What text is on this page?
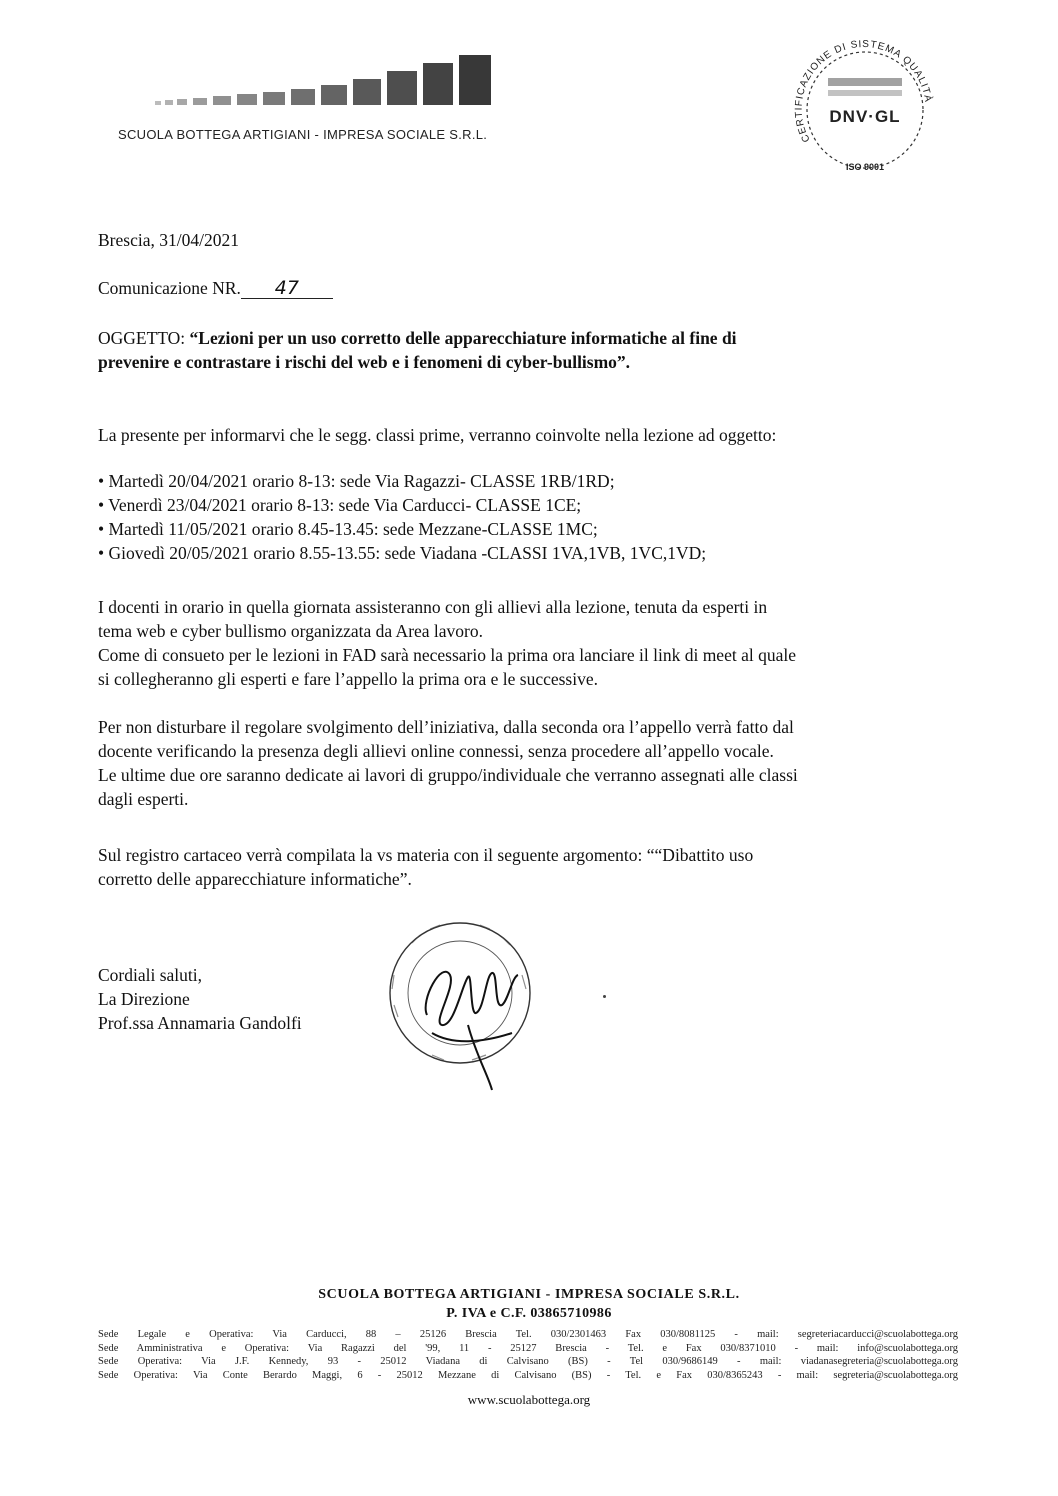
SCUOLA BOTTEGA ARTIGIANI - IMPRESA SOCIALE S.R.L.	CERTIFICAZIONE DI SISTEMA QUALITÀ
DNV·GL
ISO 9001

Brescia, 31/04/2021

Comunicazione NR. 47

OGGETTO: “Lezioni per un uso corretto delle apparecchiature informatiche al fine di
prevenire e contrastare i rischi del web e i fenomeni di cyber-bullismo”.

La presente per informarvi che le segg. classi prime, verranno coinvolte nella lezione ad oggetto:

• Martedì 20/04/2021 orario 8-13: sede Via Ragazzi- CLASSE 1RB/1RD;
• Venerdì 23/04/2021 orario 8-13: sede Via Carducci- CLASSE 1CE;
• Martedì 11/05/2021 orario 8.45-13.45: sede Mezzane-CLASSE 1MC;
• Giovedì 20/05/2021 orario 8.55-13.55: sede Viadana -CLASSI 1VA,1VB, 1VC,1VD;
I docenti in orario in quella giornata assisteranno con gli allievi alla lezione, tenuta da esperti in
tema web e cyber bullismo organizzata da Area lavoro.
Come di consueto per le lezioni in FAD sarà necessario la prima ora lanciare il link di meet al quale
si collegheranno gli esperti e fare l’appello la prima ora e le successive.
Per non disturbare il regolare svolgimento dell’iniziativa, dalla seconda ora l’appello verrà fatto dal
docente verificando la presenza degli allievi online connessi, senza procedere all’appello vocale.
Le ultime due ore saranno dedicate ai lavori di gruppo/individuale che verranno assegnati alle classi
dagli esperti.
Sul registro cartaceo verrà compilata la vs materia con il seguente argomento: ““Dibattito uso
corretto delle apparecchiature informatiche”.
Cordiali saluti,
La Direzione
Prof.ssa Annamaria Gandolfi
SCUOLA BOTTEGA ARTIGIANI - IMPRESA SOCIALE S.R.L.
P. IVA e C.F. 03865710986
Sede Legale e Operativa: Via Carducci, 88 – 25126 Brescia Tel. 030/2301463 Fax 030/8081125 - mail: segreteriacarducci@scuolabottega.org
Sede Amministrativa e Operativa: Via Ragazzi del '99, 11 - 25127 Brescia - Tel. e Fax 030/8371010 - mail: info@scuolabottega.org
Sede Operativa: Via J.F. Kennedy, 93 - 25012 Viadana di Calvisano (BS) - Tel 030/9686149 - mail: viadanasegreteria@scuolabottega.org
Sede Operativa: Via Conte Berardo Maggi, 6 - 25012 Mezzane di Calvisano (BS) - Tel. e Fax 030/8365243 - mail: segreteria@scuolabottega.org
www.scuolabottega.org
